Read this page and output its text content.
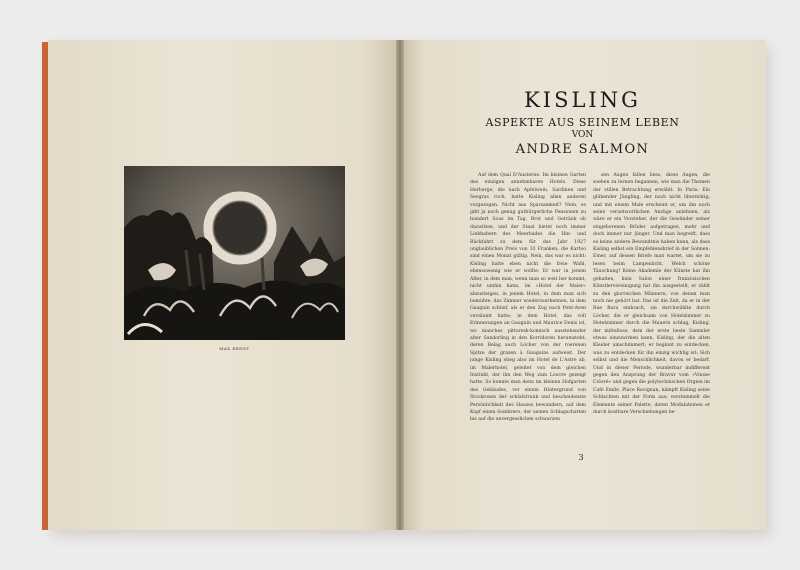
MAX ERNST
KISLING
ASPEKTE AUS SEINEM LEBEN
VON
ANDRE SALMON

Auf dem Quai D'Austerne. Im kleinen Garten des einzigen annehmbaren Hotels. Diese Herberge, die nach Apfelwein, Sardinen und Seegras roch, hatte Kisling allen anderen vorgezogen. Nicht aus Sparsamkeit? Nein, es gibt ja noch genug gutbürgerliche Pensionen zu hundert Sous im Tag. Brot und Getränk ob dazwitten, und der Staat bietet noch immer Liebhabern des Meerbades die Hin- und Rückfahrt zu dem für das Jahr 1927 unglaublichen Preis von 33 Franken; die Kartoo sind einen Monat gültig. Nein, das war es nicht: Kisling hatte eben nicht die freie Wahl, ebensowenig wie er wollte. Er war in jenem Alter, in dem man, wenn man so weit her kommt, nicht umhin kann, im »Hotel der Maler« abzusteigen, in jenem Hotel, in dem man sich bemühte, das Zimmer wiederzuerkennen, in dem Gauguin schlief, als er den Zug nach Pont-Aven versäumt hatte; in dem Hotel, das voll Erinnerungen an Gauguin und Maurice Denis ist, wo manches pittoresk-komisch ausstehender alter Sandorling in den Korridoren herumsteht, deren Belag auch Löcher von der roerenen Spitze der grazen à Gauguins aufweist. Der junge Kisling stieg also im Hotel de L'Astre ab, im Malerhotel, geleitet von dem gleichen Instinkt, der ihn den Weg zum Louvre gezeigt hatte. So konnte man denn im kleinen Hofgarten des Gebäudes, vor einem Hintergrund von Stockrosen der schlafstrunk und bescheidenste Persönlichkeit des Hauses bewundern, auf dem Kopf einen Sombrero, der seinen Schlagschatten bis auf die unvergesslichen schwarzen

zen Augen fallen liess, diese Augen, die soeben zu lernen begannen, wie man die Themen der stillen Betrachtung erwählt. In Paris: Ein glühender Jüngling, der noch nicht übermütig; und mit einem Male erscheint er, um ihn noch seine verantwortlichen Anzüge anlehnen, als wäre er ein Vorsteher, der die Gewänder seiner eingeborenen Brüder aufgetragen, mehr und doch immer nur jünger. Und man begreift, dass es keine andere Bewandtnis haben kann, als dass Kisling selbst ein Empfehlensbrief in der Sonnen: Einer, auf dessen Briefe man wartet, um sie zu lesen beim Lampenlicht. Welch schöne Täuschung! Keine Akademie der Künste hat ihn gehalten, kein Salon einer französischen Künstlervereinigung hat ihn ausgestellt, er zählt zu den glorreichen Männern, von denen man noch nie gehört hat. Das ist die Zeit, da er in der Rue Bara einbrach, sie durchwühlte durch Löcher, die er gleichsam von Hotelzimmer zu Hotelzimmer durch die Mauern schlug, Kisling, der mittellose, dem der erste beste Sammler etwas einzuwirken kann, Kisling, der die alten Kleider umschimmert; er beginnt zu entdecken, was zu entdecken für ihn einzig wichtig ist: Sich selbst und die Menschlichkeit, davon er bedarf. Und in dieser Periode, wunderbar indifferent gegen den Ansprung der Bravur vom »Vinsse Coloré« und gegen die polytechnischen Orgien im Café Emile, Place Ravignan, kämpft Kisling seine Schlachten mit der Form aus; verstummelt die Elemente seiner Palette, deren Modulationen er durch kostbare Verschiebungen be-

3
